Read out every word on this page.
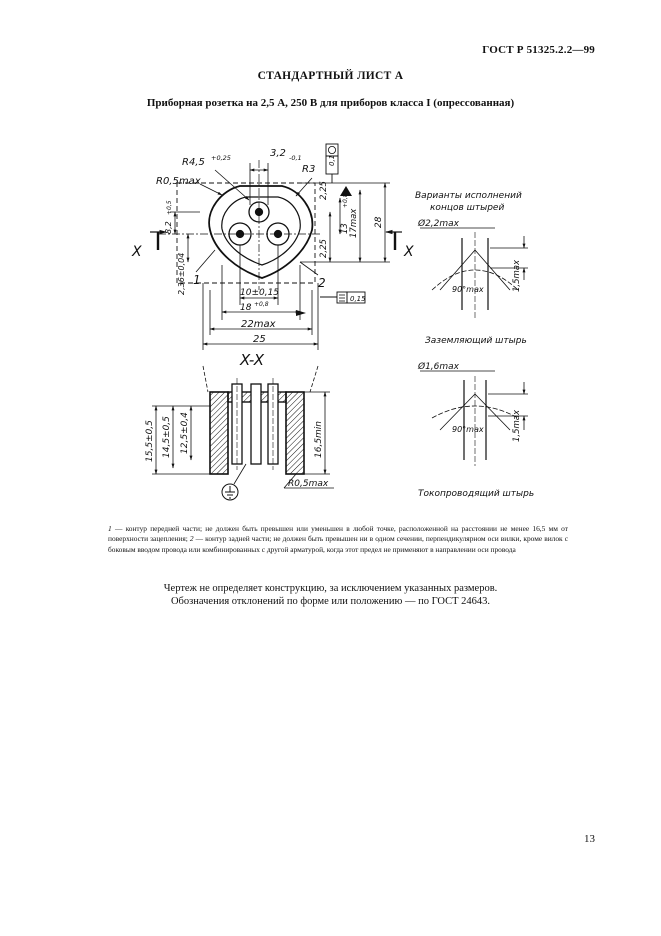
ГОСТ Р 51325.2.2—99
СТАНДАРТНЫЙ ЛИСТ А
Приборная розетка на 2,5 А, 250 В для приборов класса I (опрессованная)
R4,5 +0,25	3,2 -0,1
R3
R0,5max
0,1
2,25
13
+0,8
17max 28
2,25
8,2
+0,5
2,36±0,04	10±0,15
18 +0,8
0,15
22max
25
X	X
1	2
X-X
15,5±0,5 14,5±0,5 12,5±0,4	16,5min
R0,5max
Варианты исполнений
концов штырей
Ø2,2max
90°max	1,5max
Заземляющий штырь
Ø1,6max
90°max	1,5max
Токопроводящий штырь

1 — контур передней части; не должен быть превышен или уменьшен в любой точке, расположенной на расстоянии не менее 16,5 мм от поверхности зацепления; 2 — контур задней части; не должен быть превышен ни в одном сечении, перпендикулярном оси вилки, кроме вилок с боковым вводом провода или комбинированных с другой арматурой, когда этот предел не применяют в направлении оси провода

Чертеж не определяет конструкцию, за исключением указанных размеров.
Обозначения отклонений по форме или положению — по ГОСТ 24643.
13
